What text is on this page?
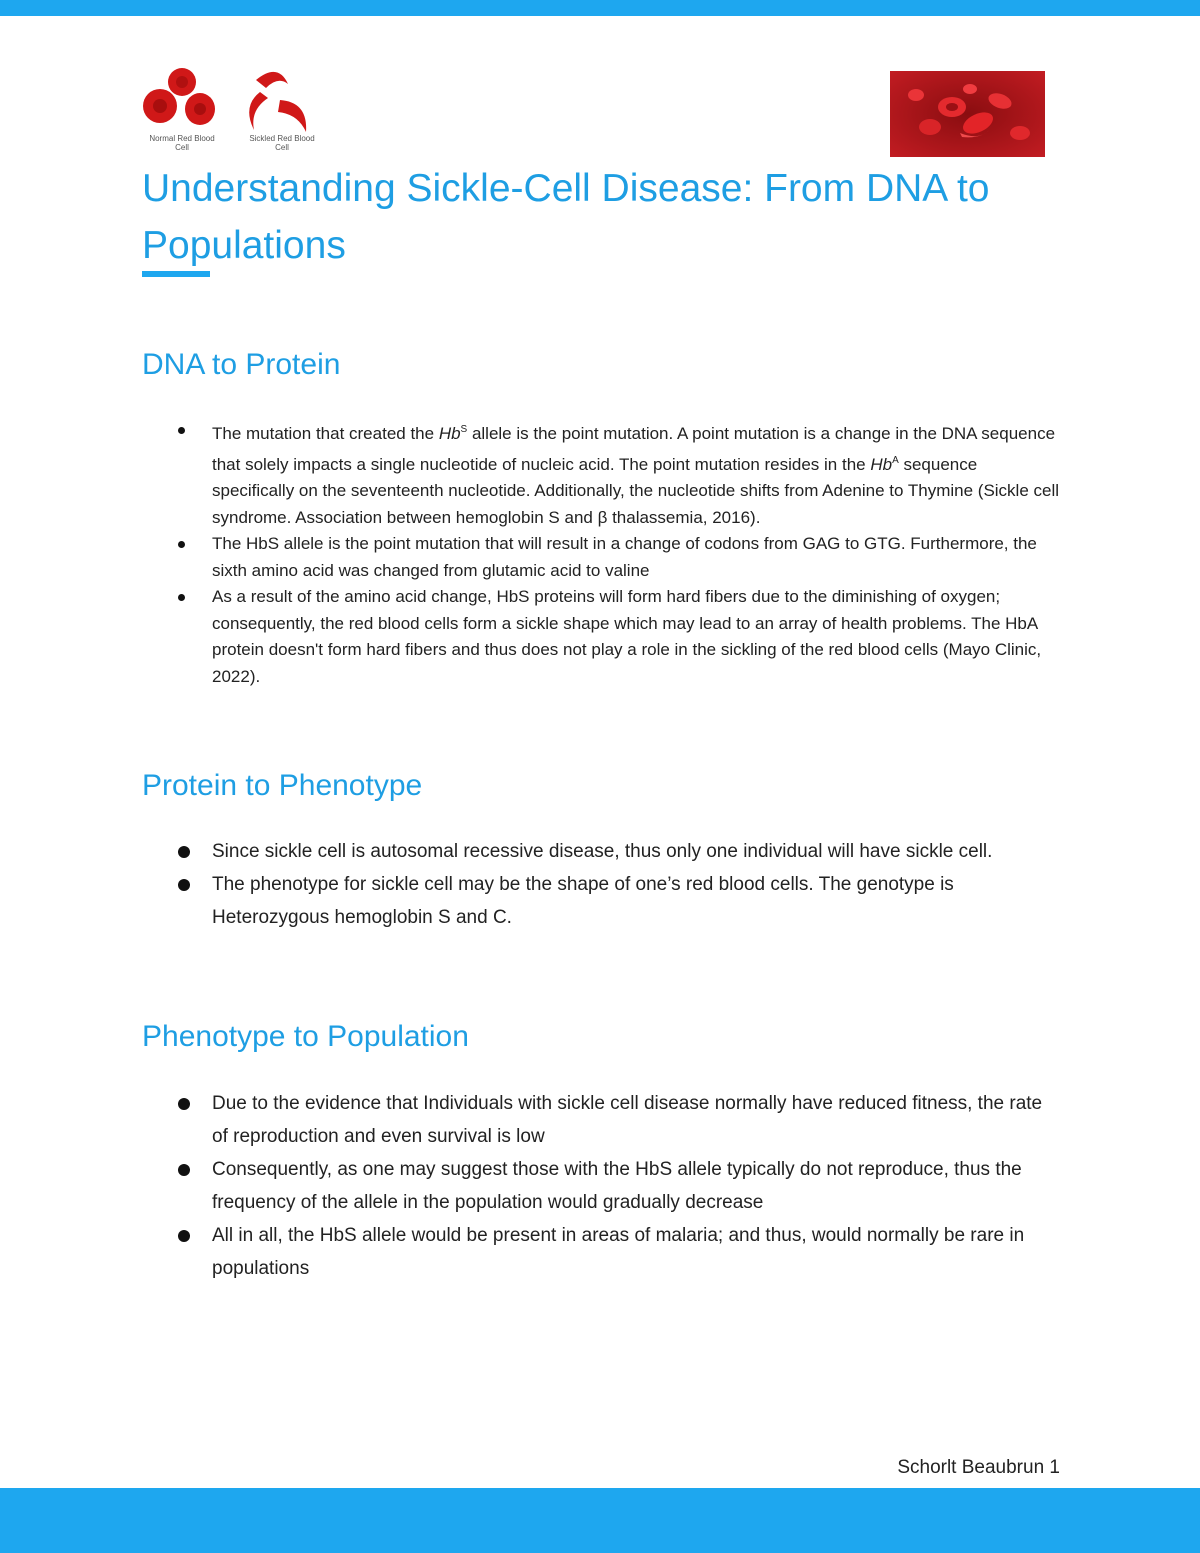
Normal Red Blood Cell
Sickled Red Blood Cell
Understanding Sickle-Cell Disease: From DNA to Populations
DNA to Protein
The mutation that created the $Hb^S$ allele is the point mutation. A point mutation is a change in the DNA sequence that solely impacts a single nucleotide of nucleic acid. The point mutation resides in the $Hb^A$ sequence specifically on the seventeenth nucleotide. Additionally, the nucleotide shifts from Adenine to Thymine (Sickle cell syndrome. Association between hemoglobin S and β thalassemia, 2016).
The HbS allele is the point mutation that will result in a change of codons from GAG to GTG. Furthermore, the sixth amino acid was changed from glutamic acid to valine
As a result of the amino acid change, HbS proteins will form hard fibers due to the diminishing of oxygen; consequently, the red blood cells form a sickle shape which may lead to an array of health problems. The HbA protein doesn't form hard fibers and thus does not play a role in the sickling of the red blood cells (Mayo Clinic, 2022).
Protein to Phenotype
Since sickle cell is autosomal recessive disease, thus only one individual will have sickle cell.
The phenotype for sickle cell may be the shape of one’s red blood cells. The genotype is Heterozygous hemoglobin S and C.
Phenotype to Population
Due to the evidence that Individuals with sickle cell disease normally have reduced fitness, the rate of reproduction and even survival is low
Consequently, as one may suggest those with the HbS allele typically do not reproduce, thus the frequency of the allele in the population would gradually decrease
All in all, the HbS allele would be present in areas of malaria; and thus, would normally be rare in populations
Schorlt Beaubrun 1
